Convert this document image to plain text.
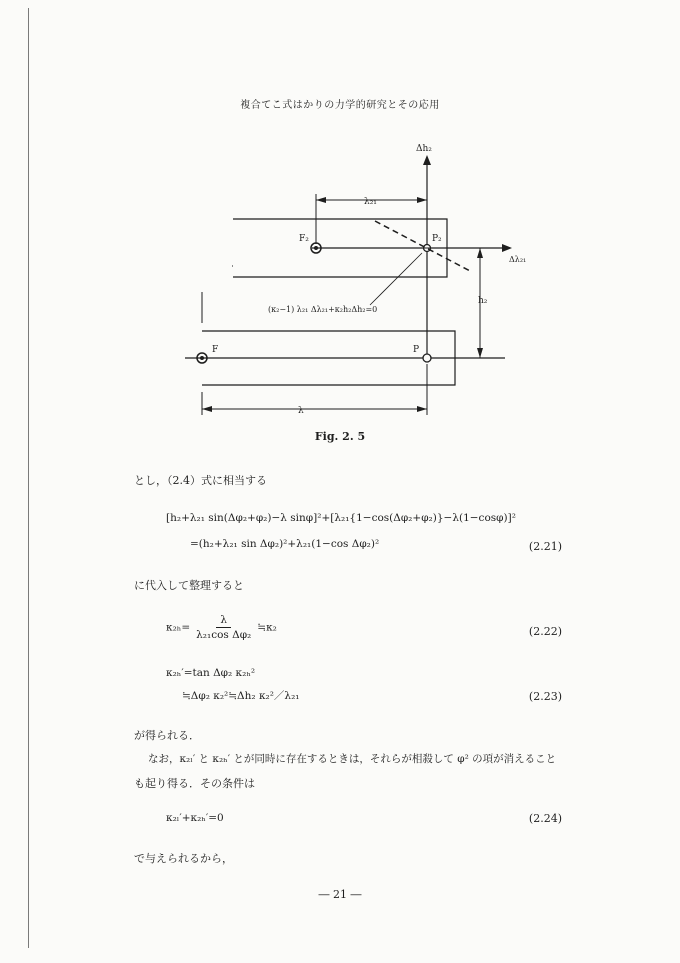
複合てこ式はかりの力学的研究とその応用
Δh₂
λ₂₁
Δλ₂₁
F₂	P₂
(κ₂−1) λ₂₁ Δλ₂₁+κ₂h₂Δh₂=0
h₂
F	P
λ
Fig. 2. 5
とし，（2.4）式に相当する
[h₂+λ₂₁ sin(Δφ₂+φ₂)−λ sinφ]²+[λ₂₁{1−cos(Δφ₂+φ₂)}−λ(1−cosφ)]²
=(h₂+λ₂₁ sin Δφ₂)²+λ₂₁(1−cos Δφ₂)²	(2.21)
に代入して整理すると
$\kappa_{2h}= \frac{\lambda}{\text{λ₂₁cos Δφ₂}}$ ≒κ₂	(2.22)
κ₂ₕ′=tan Δφ₂ κ₂ₕ²
≒Δφ₂ κ₂²≒Δh₂ κ₂²／λ₂₁	(2.23)
が得られる．
なお，κ₂ₗ′ と κ₂ₕ′ とが同時に存在するときは，それらが相殺して φ² の項が消えること
も起り得る．その条件は
κ₂ₗ′+κ₂ₕ′=0	(2.24)
で与えられるから，
― 21 ―
